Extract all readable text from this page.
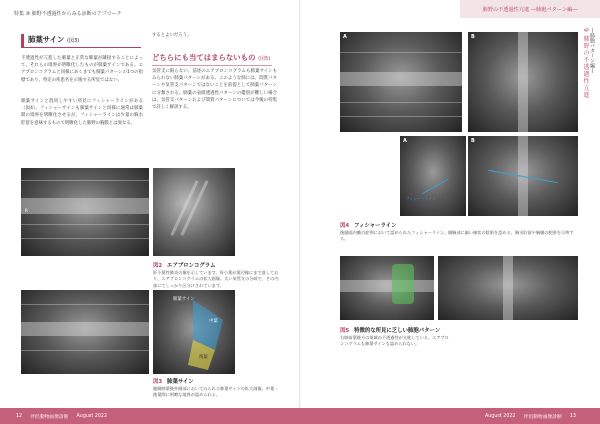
特集 ⑩ 肺野不透過性からみる診断のアプローチ
肺葉サイン (図3)
不透過性が亢進した肺葉と正常な肺葉が隣接することによって、それらの境界が明瞭化したものが肺葉サインである。エアブロンコグラムと同様にあくまでも肺葉パターンの1つの指標であり、特定の疾患名を示唆する所見ではない。
肺葉サインと混同しやすい所見にフィシャーラインがある（図4）。フィシャーサインも肺葉サインと同様に通常は肺葉間の境界を明瞭化させるが、フィシャーラインは少量の胸水貯留を意味するもので明瞭化した肺野の胸膜とは異なる。
するとよいだろう。
どちらにも当てはまらないもの (図5)
気管支に限らない、前述のエアブロンコグラムも肺葉サインもみられない肺葉パターンがある。このような肺には、間質パターンや気管支パターンではないことを前提として肺葉パターンに分類される。肺葉の表層透過性パターンの鑑別が難しい場合は、気管支パターンおよび間質パターンについては今後の特集で詳しく解説する。
R
図2 エアブロンコグラム
肝小葉性肺炎の像を示しています。肝小葉が葉辺縁にまで達しており、エアブロンコグラムの拡大画像。太い気管支の分岐で、その内部にてしっかり区分けされています。
肺葉サイン
中葉
後葉
図3 肺葉サイン
腹側肺葉後外側部においてみられる肺葉サインの拡大画像。中葉・後葉間に明瞭な境界が認められる。
12 伴侶動物画像診断 August 2022
肺野の不透過性亢進 ―肺胞パターン編―
9 肺野の不透過性亢進 ―肺胞パターン編―
A	B
フィシャーライン
A	B
図4 フィシャーライン
後縦隔内膜の症例において認められたフィシャーライン。側胸部に細い線状の陰影を認める。胸水貯留や胸膜の肥厚を示唆する。
図5 特徴的な所見に乏しい肺胞パターン
右肺前葉後方の領域の不透過性が亢進している。エアブロンコグラムも肺葉サインも認められない。
August 2022 伴侶動物画像診断 13
